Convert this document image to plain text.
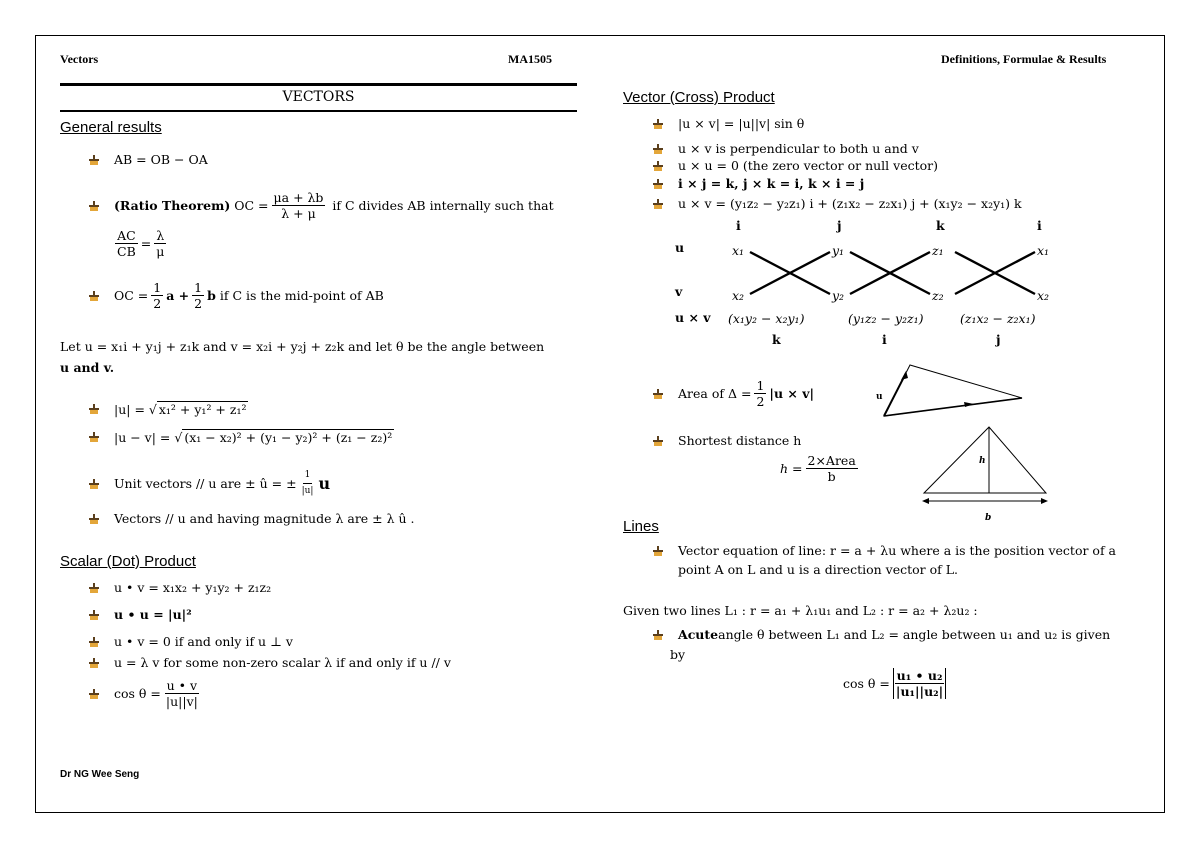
Vectors	MA1505	Definitions, Formulae & Results
VECTORS
General results
AB = OB − OA
(Ratio Theorem)
OC = $\frac{\mu a + \lambda b}{\lambda + \mu}$
if C divides AB internally such that
$\frac{AC}{CB} = \frac{\lambda}{\mu}$
OC = $\frac{1}{2}$ $a + \frac{1}{2}$ b
if C is the mid-point of AB
Let u = x₁i + y₁j + z₁k and v = x₂i + y₂j + z₂k and let θ be the angle between
u and v.
|u| = √ x₁² + y₁² + z₁²
|u − v| = √ (x₁ − x₂)² + (y₁ − y₂)² + (z₁ − z₂)²
Unit vectors // u are ± û = ± $\frac{1}{|u|}$ u
Vectors // u and having magnitude λ are ± λ û .
Scalar (Dot) Product
u • v = x₁x₂ + y₁y₂ + z₁z₂
u • u = |u|²
u • v = 0 if and only if u ⊥ v
u = λ v for some non-zero scalar λ if and only if u // v
$\cos \theta = \frac{u • v}{|u||v|}$
Dr NG Wee Seng
Vector (Cross) Product
|u × v| = |u||v| sin θ
u × v is perpendicular to both u and v
u × u = 0 (the zero vector or null vector)
i × j = k, j × k = i, k × i = j
u × v = (y₁z₂ − y₂z₁) i + (z₁x₂ − z₂x₁) j + (x₁y₂ − x₂y₁) k
i	j	k	i
u
v
u × v
x₁	y₁	z₁	x₁
x₂	y₂	z₂	x₂
(x₁y₂ − x₂y₁)	(y₁z₂ − y₂z₁)	(z₁x₂ − z₂x₁)
k	i	j
Area of $\Delta = \frac{1}{2} |u \times v|$	u
Shortest distance h
$h = \frac{\text{2×Area}}{b}$	h
b
Lines
Vector equation of line: r = a + λu where a is the position vector of a
point A on L and u is a direction vector of L.
Given two lines L₁ : r = a₁ + λ₁u₁ and L₂ : r = a₂ + λ₂u₂ :
Acute angle θ between L₁ and L₂ = angle between u₁ and u₂ is given
by
$\cos \theta = \frac{\text{u₁ • u₂}}{\text{|u₁||u₂|}}$
